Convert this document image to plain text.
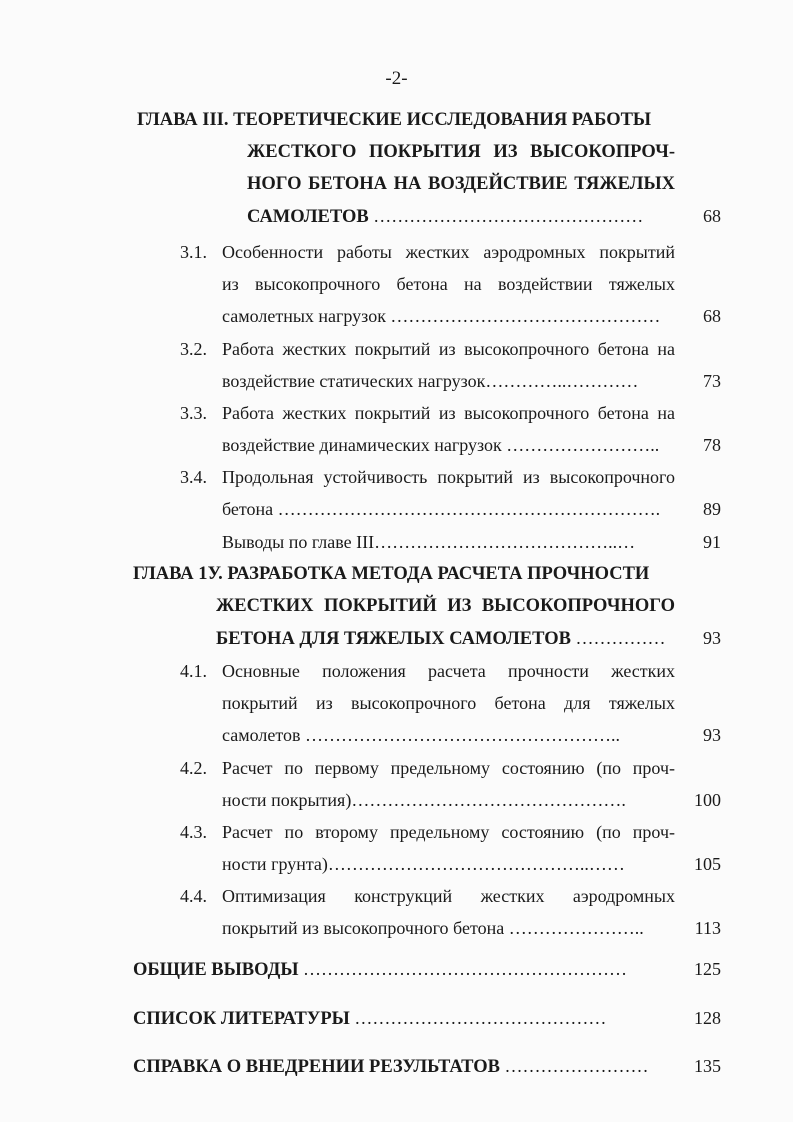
-2-
ГЛАВА III. ТЕОРЕТИЧЕСКИЕ ИССЛЕДОВАНИЯ РАБОТЫ
ЖЕСТКОГО ПОКРЫТИЯ ИЗ ВЫСОКОПРОЧ-
НОГО БЕТОНА НА ВОЗДЕЙСТВИЕ ТЯЖЕЛЫХ
САМОЛЕТОВ ………………………………………	68
3.1. Особенности работы жестких аэродромных покрытий
из высокопрочного бетона на воздействии тяжелых
самолетных нагрузок ………………………………………	68
3.2. Работа жестких покрытий из высокопрочного бетона на
воздействие статических нагрузок…………..…………	73
3.3. Работа жестких покрытий из высокопрочного бетона на
воздействие динамических нагрузок ……………………..	78
3.4. Продольная устойчивость покрытий из высокопрочного
бетона ……………………………………………………….	89
Выводы по главе III…………………………………..…	91
ГЛАВА 1У. РАЗРАБОТКА МЕТОДА РАСЧЕТА ПРОЧНОСТИ
ЖЕСТКИХ ПОКРЫТИЙ ИЗ ВЫСОКОПРОЧНОГО
БЕТОНА ДЛЯ ТЯЖЕЛЫХ САМОЛЕТОВ ……………	93
4.1. Основные положения расчета прочности жестких
покрытий из высокопрочного бетона для тяжелых
самолетов ……………………………………………..	93
4.2. Расчет по первому предельному состоянию (по проч-
ности покрытия)……………………………………….	100
4.3. Расчет по второму предельному состоянию (по проч-
ности грунта)……………………………………..……	105
4.4. Оптимизация конструкций жестких аэродромных
покрытий из высокопрочного бетона …………………..	113
ОБЩИЕ ВЫВОДЫ ………………………………………………	125
СПИСОК ЛИТЕРАТУРЫ ……………………………………	128
СПРАВКА О ВНЕДРЕНИИ РЕЗУЛЬТАТОВ ……………………	135
